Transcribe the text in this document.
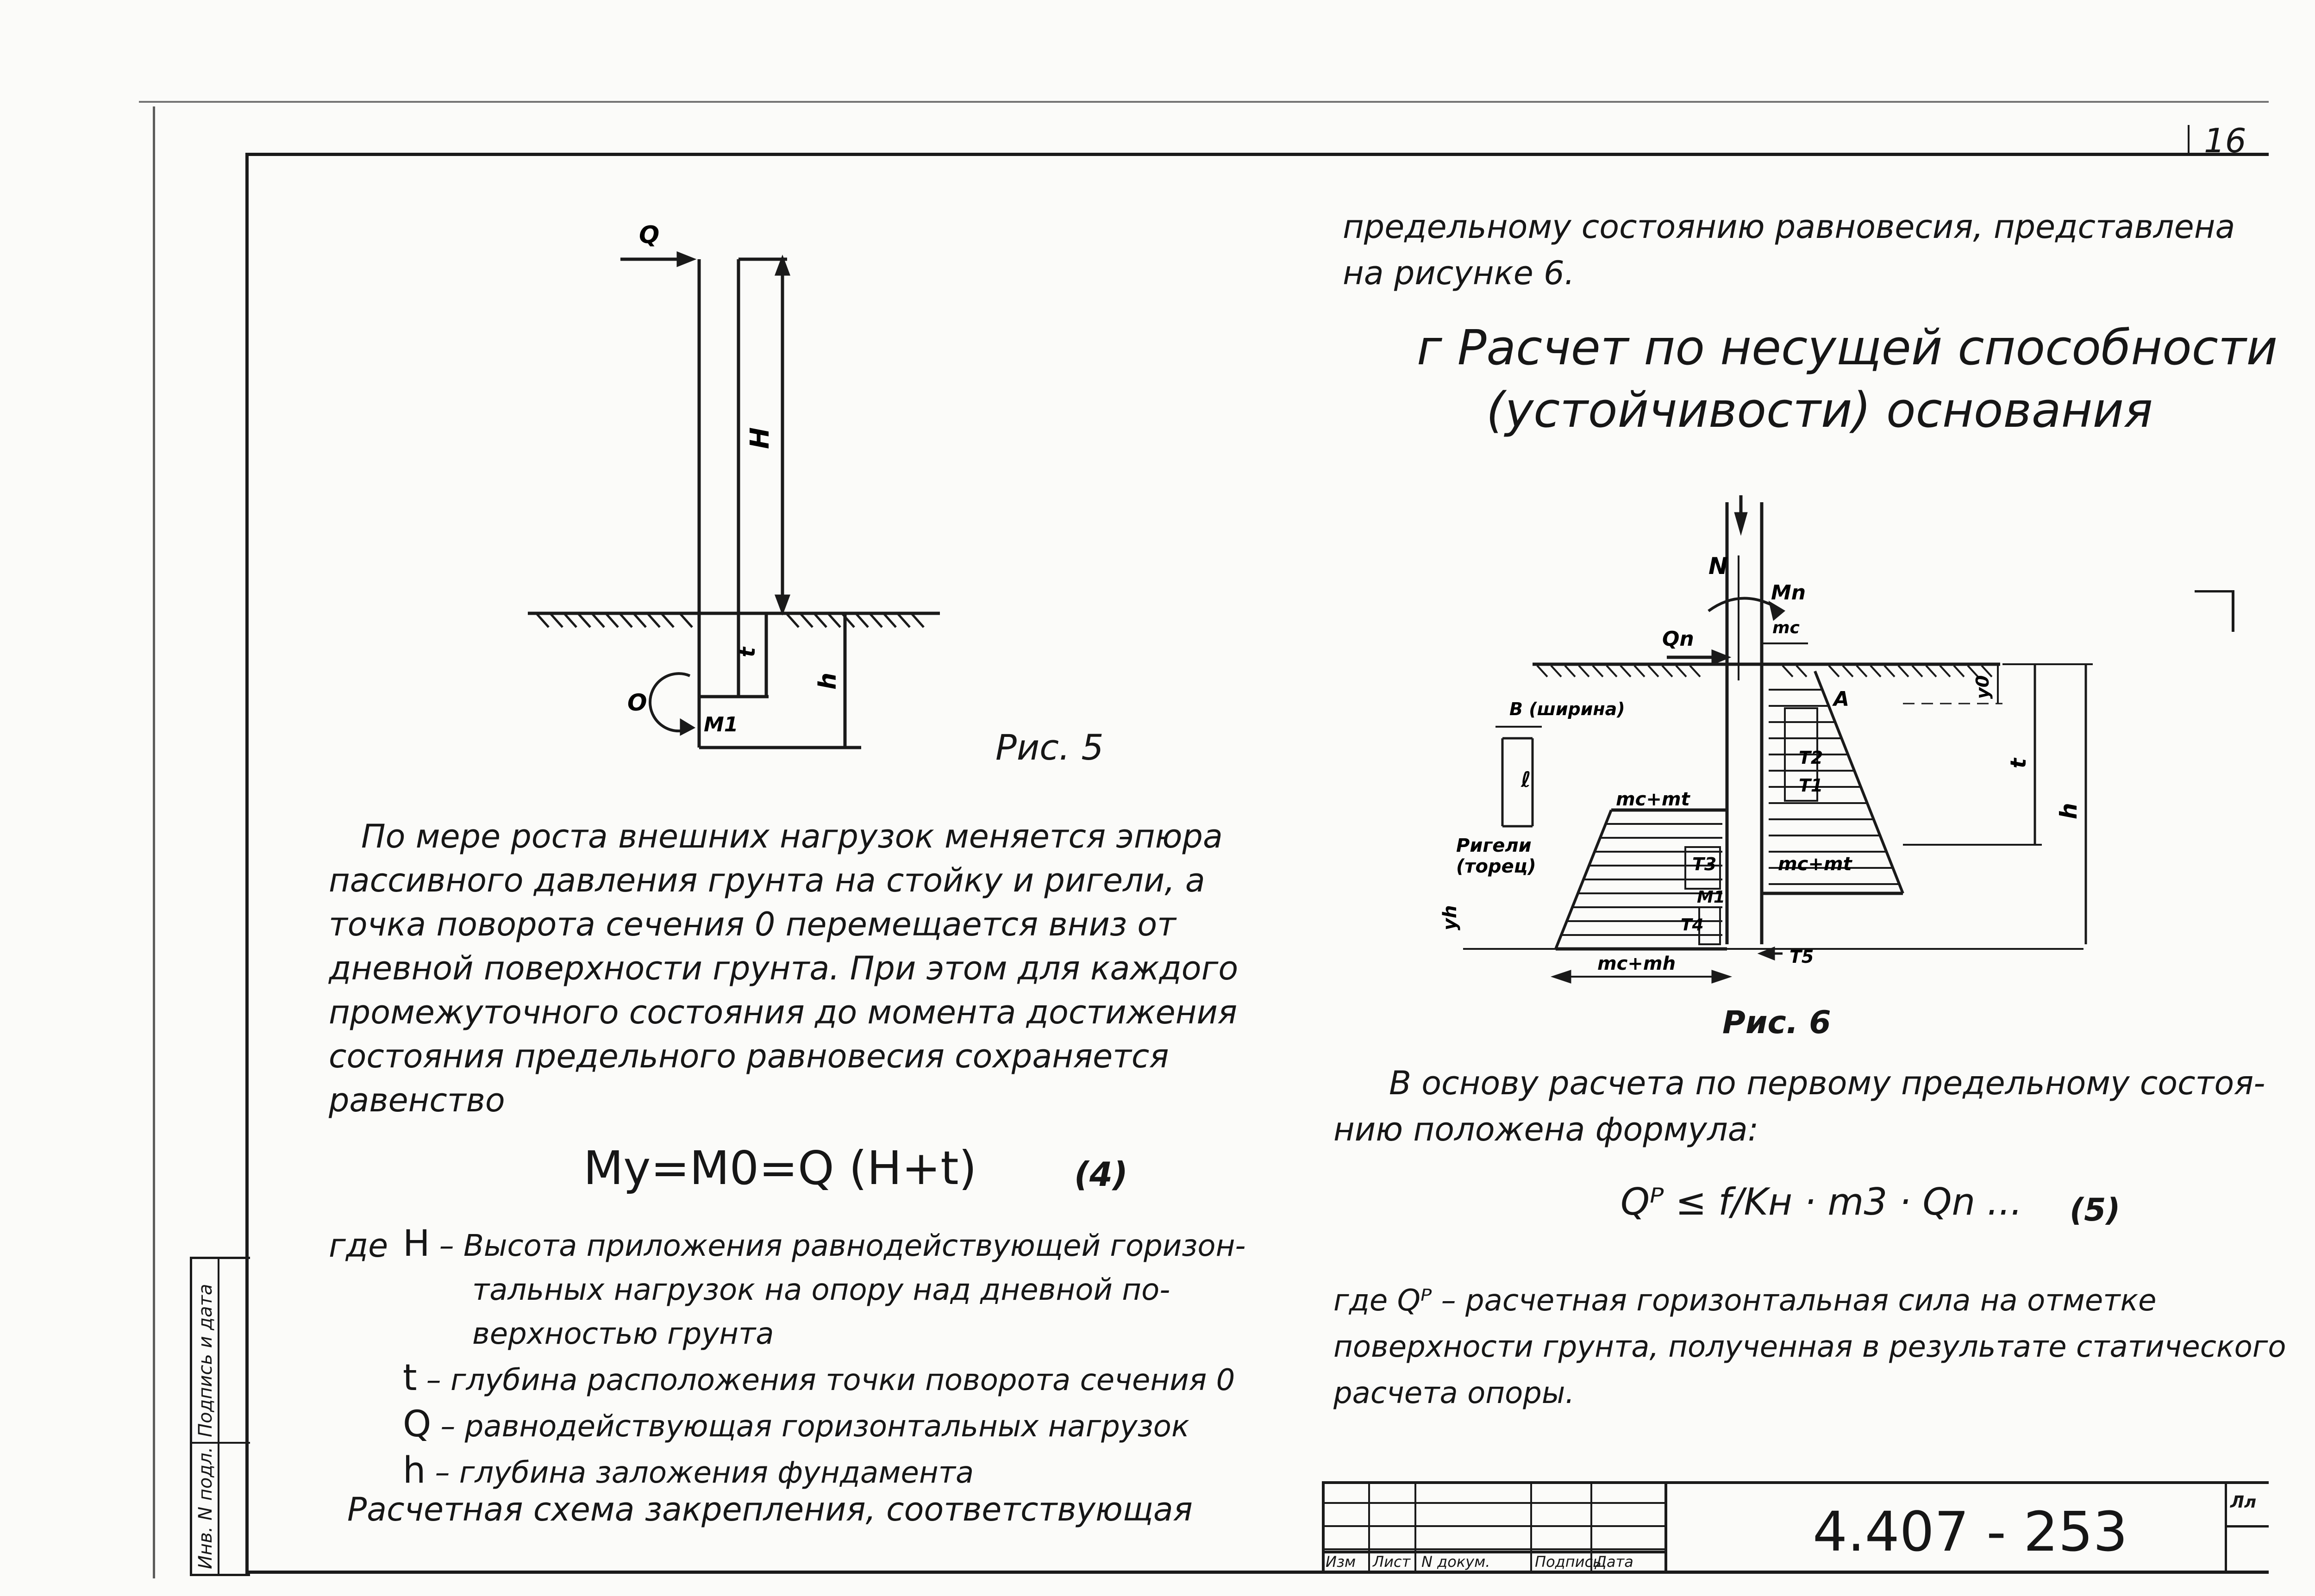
16
Инв. N подл.
Подпись и дата
Q
H
t
h
O
M1
Рис. 5
По мере роста внешних нагрузок меняется эпюра
пассивного давления грунта на стойку и ригели, а
точка поворота сечения 0 перемещается вниз от
дневной поверхности грунта. При этом для каждого
промежуточного состояния до момента достижения
состояния предельного равновесия сохраняется
равенство
Mу=M0=Q (H+t)	(4)
где H – Высота приложения равнодействующей горизон-
тальных нагрузок на опору над дневной по-
верхностью грунта
t – глубина расположения точки поворота сечения 0
Q – равнодействующая горизонтальных нагрузок
h – глубина заложения фундамента
Расчетная схема закрепления, соответствующая
предельному состоянию равновесия, представлена
на рисунке 6.
г Расчет по несущей способности
(устойчивости) основания
N
Mn
Qn	mc
A
B (ширина)
ℓ
mc+mt
Ригели
(торец)
T2
T1
T3	mc+mt
M1
T4
T5
mc+mh
yh
y0
t
h
Рис. 6
В основу расчета по первому предельному состоя-
нию положена формула:
Qᴾ ≤ f/Kн · m3 · Qn ... (5)
где Qᴾ – расчетная горизонтальная сила на отметке
поверхности грунта, полученная в результате статического
расчета опоры.
Изм Лист N докум.	Подпись
Дата	4.407 - 253	Лл
